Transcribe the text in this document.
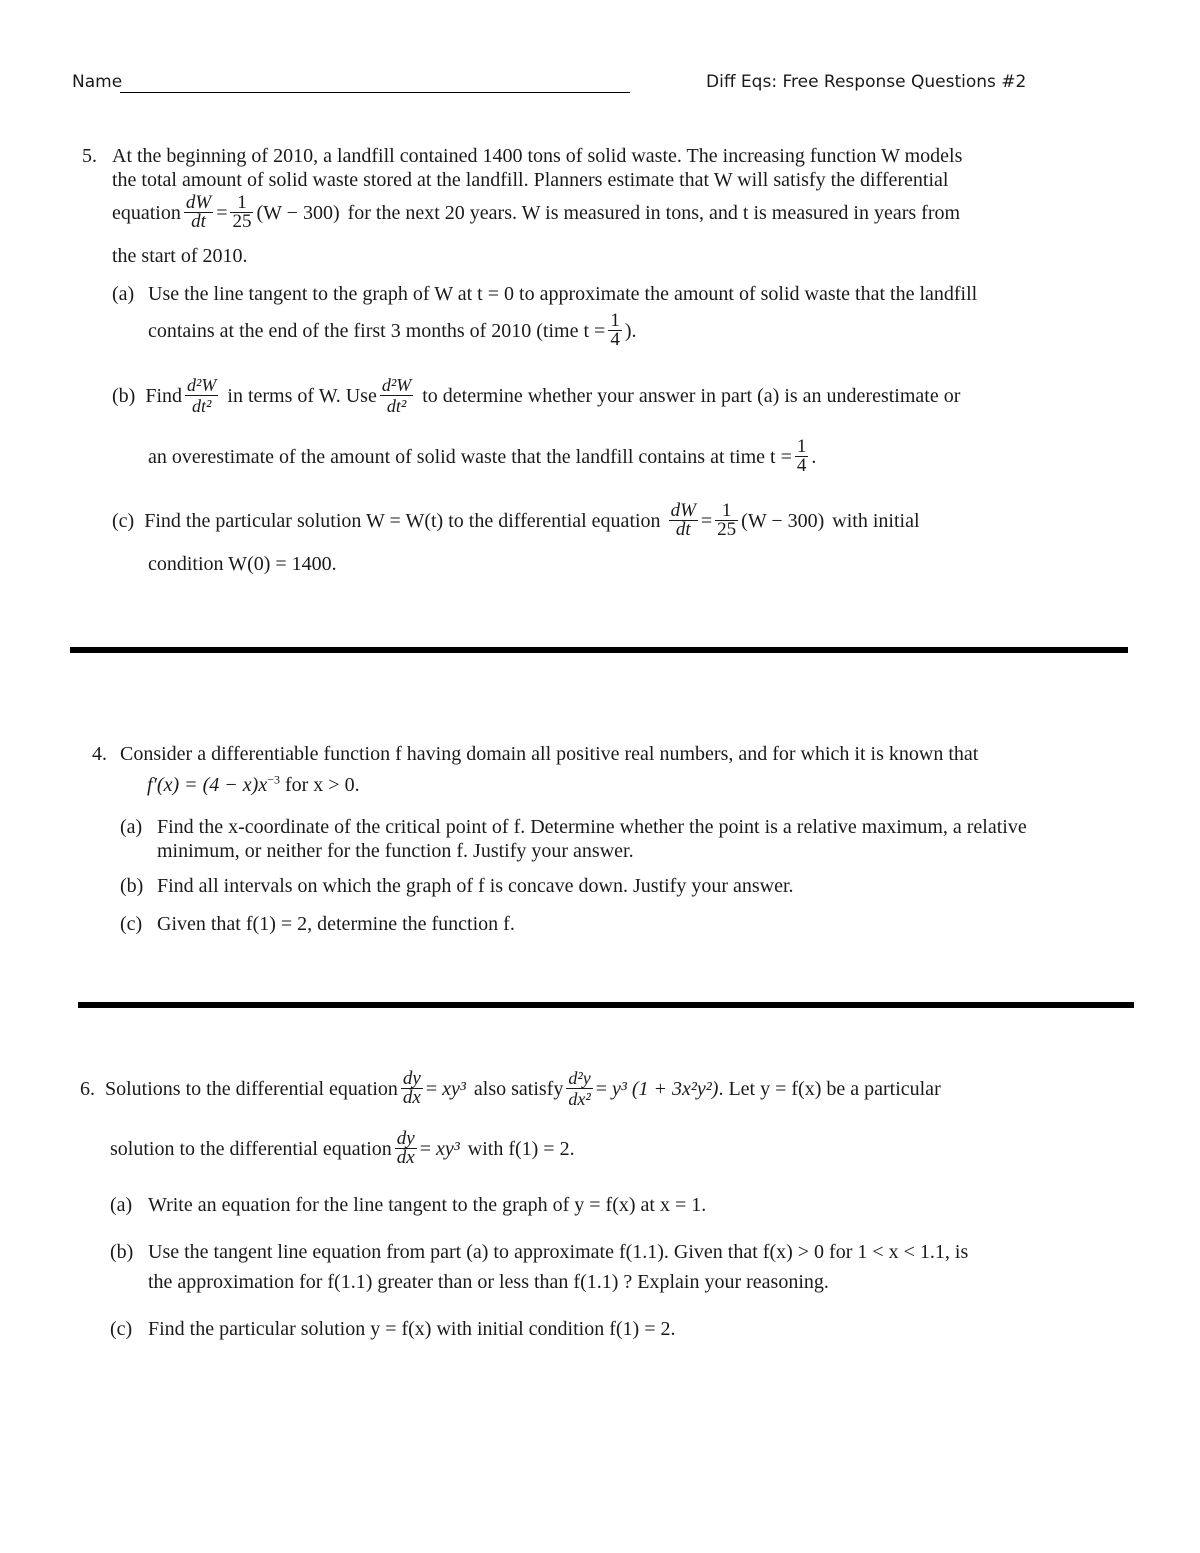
Name	Diff Eqs: Free Response Questions #2
5. At the beginning of 2010, a landfill contained 1400 tons of solid waste. The increasing function W models
the total amount of solid waste stored at the landfill. Planners estimate that W will satisfy the differential
equation $\frac{dW}{dt} = \frac{1}{25} (W - 300)$ for the next 20 years. W is measured in tons, and t is measured in years from
the start of 2010.
(a) Use the line tangent to the graph of W at t = 0 to approximate the amount of solid waste that the landfill
contains at the end of the first 3 months of 2010 (time $t = \frac{1}{4}$ ).
(b) Find $\frac{\text{d²W}}{\text{dt²}}$ in terms of W. Use $\frac{\text{d²W}}{\text{dt²}}$ to determine whether your answer in part (a) is an underestimate or
an overestimate of the amount of solid waste that the landfill contains at time $t = \frac{1}{4}$ .
(c) Find the particular solution W = W(t) to the differential equation $\frac{dW}{dt} = \frac{1}{25} (W - 300)$ with initial
condition W(0) = 1400.
4. Consider a differentiable function f having domain all positive real numbers, and for which it is known that
$f'(x) = (4 - x)x^{-3}$ for x > 0.
(a) Find the x-coordinate of the critical point of f. Determine whether the point is a relative maximum, a relative
minimum, or neither for the function f. Justify your answer.
(b) Find all intervals on which the graph of f is concave down. Justify your answer.
(c) Given that f(1) = 2, determine the function f.
6. Solutions to the differential equation $\frac{dy}{dx} = xy^3$ also satisfy $\frac{\text{d²y}}{\text{dx²}} = y^3$ (1 + 3x²y²) . Let y = f(x) be a particular
solution to the differential equation $\frac{dy}{dx} = xy^3$ with f(1) = 2.
(a) Write an equation for the line tangent to the graph of y = f(x) at x = 1.
(b) Use the tangent line equation from part (a) to approximate f(1.1). Given that f(x) > 0 for 1 < x < 1.1, is
the approximation for f(1.1) greater than or less than f(1.1) ? Explain your reasoning.
(c) Find the particular solution y = f(x) with initial condition f(1) = 2.
